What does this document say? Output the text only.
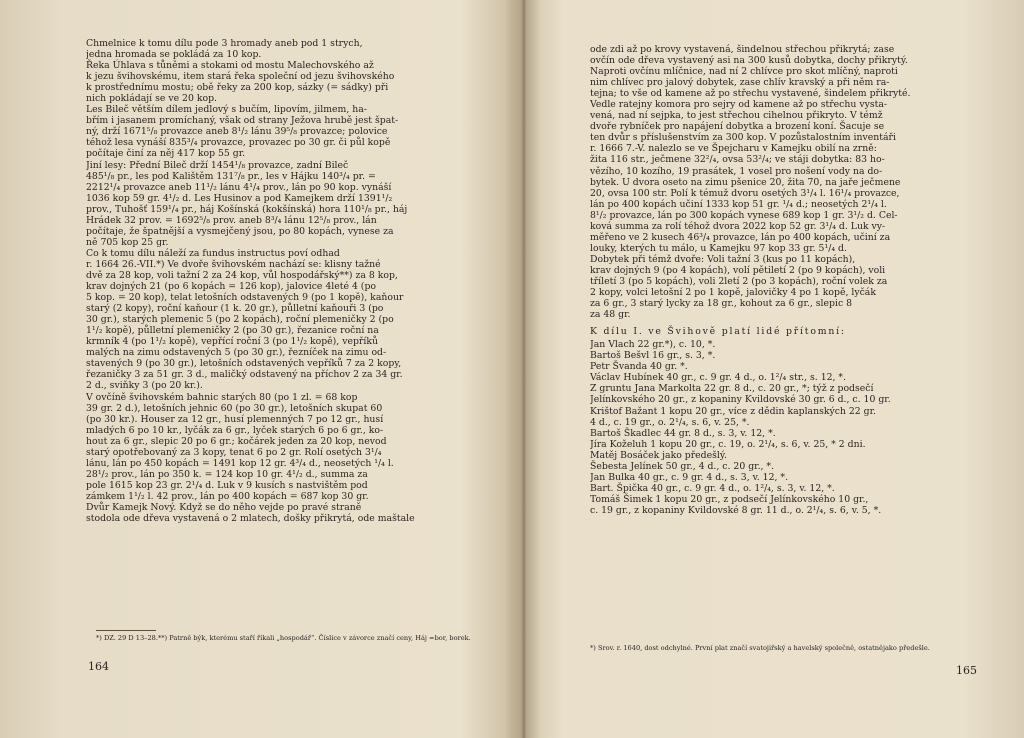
Chmelnice k tomu dílu pode 3 hromady aneb pod 1 strych,
jedna hromada se pokládá za 10 kop.
Řeka Úhlava s tůněmi a stokami od mostu Malechovského až
k jezu švihovskému, item stará řeka společní od jezu švihovského
k prostřednímu mostu; obě řeky za 200 kop, sázky (= sádky) při
nich pokládají se ve 20 kop.
Les Bileč větším dílem jedlový s bučím, lipovím, jilmem, ha-
břím i jasanem promíchaný, však od strany Ježova hrubě jest špat-
ný, drží 1671⁵/₈ provazce aneb 8¹/₂ lánu 39⁵/₈ provazce; polovice
téhož lesa vynáší 835³/₄ provazce, provazec po 30 gr. či půl kopě
počítaje činí za něj 417 kop 55 gr.
Jiní lesy: Přední Bileč drží 1454¹/₈ provazce, zadní Bileč
485¹/₈ pr., les pod Kalištěm 131⁷/₈ pr., les v Hájku 140³/₄ pr. =
2212¹/₄ provazce aneb 11¹/₂ lánu 4¹/₄ prov., lán po 90 kop. vynáší
1036 kop 59 gr. 4¹/₂ d. Les Husinov a pod Kamejkem drží 1391¹/₂
prov., Tuhošť 159¹/₄ pr., háj Košínská (kokšínská) hora 110¹/₈ pr., háj
Hrádek 32 prov. = 1692⁵/₈ prov. aneb 8³/₄ lánu 12⁵/₈ prov., lán
počítaje, že špatnější a vysmejčený jsou, po 80 kopách, vynese za
ně 705 kop 25 gr.
Co k tomu dílu náleží za fundus instructus poví odhad
r. 1664 26.-VII.*) Ve dvoře švihovském nachází se: klisny tažné
dvě za 28 kop, voli tažní 2 za 24 kop, vůl hospodářský**) za 8 kop,
krav dojných 21 (po 6 kopách = 126 kop), jalovice 4leté 4 (po
5 kop. = 20 kop), telat letošních odstavených 9 (po 1 kopě), kaňour
starý (2 kopy), roční kaňour (1 k. 20 gr.), půlletní kaňouři 3 (po
30 gr.), starých plemenic 5 (po 2 kopách), roční plemeničky 2 (po
1¹/₂ kopě), půlletní plemeničky 2 (po 30 gr.), řezanice roční na
krmník 4 (po 1¹/₂ kopě), vepřící roční 3 (po 1¹/₂ kopě), vepříků
malých na zimu odstavených 5 (po 30 gr.), řezníček na zimu od-
stavených 9 (po 30 gr.), letošních odstavených vepříků 7 za 2 kopy,
řezaničky 3 za 51 gr. 3 d., maličký odstavený na příchov 2 za 34 gr.
2 d., sviňky 3 (po 20 kr.).
V ovčíně švihovském bahnic starých 80 (po 1 zl. = 68 kop
39 gr. 2 d.), letošních jehnic 60 (po 30 gr.), letošních skupat 60
(po 30 kr.). Houser za 12 gr., husí plemenných 7 po 12 gr., husí
mladých 6 po 10 kr., lyčák za 6 gr., lyček starých 6 po 6 gr., ko-
hout za 6 gr., slepic 20 po 6 gr.; kočárek jeden za 20 kop, nevod
starý opotřebovaný za 3 kopy, tenat 6 po 2 gr. Rolí osetých 3¹/₄
lánu, lán po 450 kopách = 1491 kop 12 gr. 4³/₄ d., neosetých ¹/₄ l.
28¹/₂ prov., lán po 350 k. = 124 kop 10 gr. 4¹/₂ d., summa za
pole 1615 kop 23 gr. 2¹/₄ d. Luk v 9 kusích s nastvištěm pod
zámkem 1¹/₂ l. 42 prov., lán po 400 kopách = 687 kop 30 gr.
Dvůr Kamejk Nový. Když se do něho vejde po pravé straně
stodola ode dřeva vystavená o 2 mlatech, došky přikrytá, ode maštale
*) DZ. 29 D 13–28.**) Patrně býk, kterému staří říkali „hospodář“. Číslice v závorce značí ceny, Háj =bor, borek.
164
ode zdi až po krovy vystavená, šindelnou střechou přikrytá; zase
ovčín ode dřeva vystavený asi na 300 kusů dobytka, dochy přikrytý.
Naproti ovčínu mlíčnice, nad ní 2 chlívce pro skot mlíčný, naproti
nim chlívec pro jalový dobytek, zase chlív kravský a při něm ra-
tejna; to vše od kamene až po střechu vystavené, šindelem přikryté.
Vedle ratejny komora pro sejry od kamene až po střechu vysta-
vená, nad ní sejpka, to jest střechou cihelnou přikryto. V témž
dvoře rybníček pro napájení dobytka a brození koní. Šacuje se
ten dvůr s příslušenstvím za 300 kop. V pozůstalostním inventáři
r. 1666 7.-V. nalezlo se ve Špejcharu v Kamejku obilí na zrně:
žita 116 str., ječmene 32²/₄, ovsa 53²/₄; ve stáji dobytka: 83 ho-
vězího, 10 kozího, 19 prasátek, 1 vosel pro nošení vody na do-
bytek. U dvora oseto na zimu pšenice 20, žita 70, na jaře ječmene
20, ovsa 100 str. Polí k témuž dvoru osetých 3¹/₄ l. 16¹/₄ provazce,
lán po 400 kopách učiní 1333 kop 51 gr. ¹/₄ d.; neosetých 2¹/₄ l.
8¹/₂ provazce, lán po 300 kopách vynese 689 kop 1 gr. 3¹/₂ d. Cel-
ková summa za rolí téhož dvora 2022 kop 52 gr. 3¹/₄ d. Luk vy-
měřeno ve 2 kusech 46³/₄ provazce, lán po 400 kopách, učiní za
louky, kterých tu málo, u Kamejku 97 kop 33 gr. 5¹/₄ d.
Dobytek při témž dvoře: Voli tažní 3 (kus po 11 kopách),
krav dojných 9 (po 4 kopách), volí pětiletí 2 (po 9 kopách), voli
tříletí 3 (po 5 kopách), voli 2letí 2 (po 3 kopách), roční volek za
2 kopy, volci letošní 2 po 1 kopě, jalovičky 4 po 1 kopě, lyčák
za 6 gr., 3 starý lycky za 18 gr., kohout za 6 gr., slepic 8
za 48 gr.
K dílu I. ve Švihově platí lidé přítomní:
Jan Vlach 22 gr.*), c. 10, *.
Bartoš Bešvl 16 gr., s. 3, *.
Petr Švanda 40 gr. *.
Václav Hubínek 40 gr., c. 9 gr. 4 d., o. 1²/₄ str., s. 12, *.
Z gruntu Jana Markolta 22 gr. 8 d., c. 20 gr., *; týž z podsečí
Jelínkovského 20 gr., z kopaniny Kvildovské 30 gr. 6 d., c. 10 gr.
Krištof Bažant 1 kopu 20 gr., více z dědin kaplanských 22 gr.
4 d., c. 19 gr., o. 2¹/₄, s. 6, v. 25, *.
Bartoš Škadlec 44 gr. 8 d., s. 3, v. 12, *.
Jíra Koželuh 1 kopu 20 gr., c. 19, o. 2¹/₄, s. 6, v. 25, * 2 dni.
Matěj Bosáček jako předešlý.
Šebesta Jelínek 50 gr., 4 d., c. 20 gr., *.
Jan Bulka 40 gr., c. 9 gr. 4 d., s. 3, v. 12, *.
Bart. Špička 40 gr., c. 9 gr. 4 d., o. 1²/₄, s. 3, v. 12, *.
Tomáš Šimek 1 kopu 20 gr., z podsečí Jelínkovského 10 gr.,
c. 19 gr., z kopaniny Kvildovské 8 gr. 11 d., o. 2¹/₄, s. 6, v. 5, *.
*) Srov. r. 1640, dost odchylné. První plat značí svatojiřský a havelský společně, ostatnějako předešle.
165
